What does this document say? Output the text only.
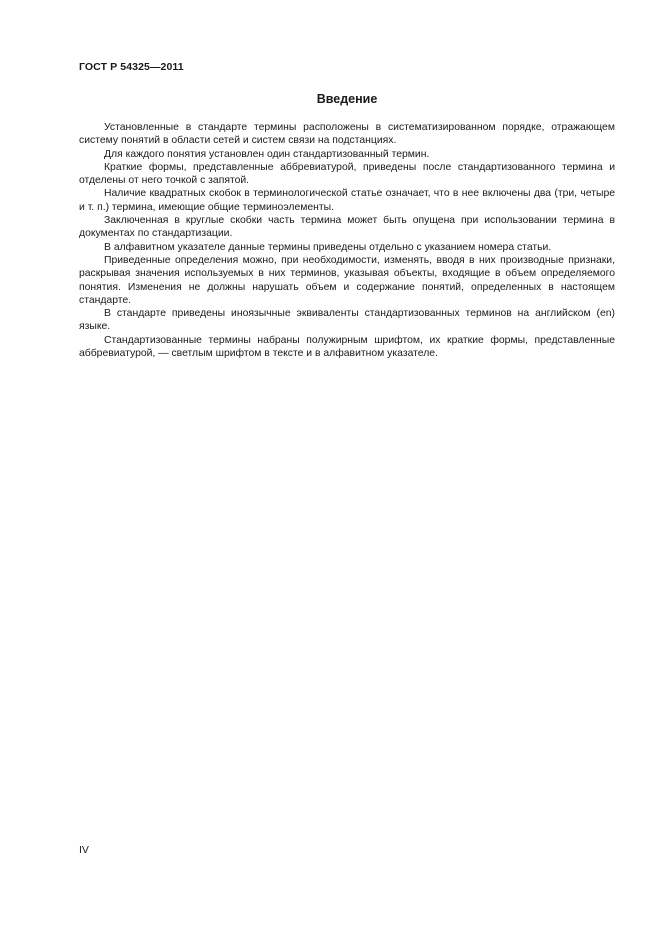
ГОСТ Р 54325—2011
Введение

Установленные в стандарте термины расположены в систематизированном порядке, отражающем систему понятий в области сетей и систем связи на подстанциях.

Для каждого понятия установлен один стандартизованный термин.

Краткие формы, представленные аббревиатурой, приведены после стандартизованного термина и отделены от него точкой с запятой.

Наличие квадратных скобок в терминологической статье означает, что в нее включены два (три, четыре и т. п.) термина, имеющие общие терминоэлементы.

Заключенная в круглые скобки часть термина может быть опущена при использовании термина в документах по стандартизации.

В алфавитном указателе данные термины приведены отдельно с указанием номера статьи.

Приведенные определения можно, при необходимости, изменять, вводя в них производные признаки, раскрывая значения используемых в них терминов, указывая объекты, входящие в объем определяемого понятия. Изменения не должны нарушать объем и содержание понятий, определенных в настоящем стандарте.

В стандарте приведены иноязычные эквиваленты стандартизованных терминов на английском (en) языке.

Стандартизованные термины набраны полужирным шрифтом, их краткие формы, представленные аббревиатурой, — светлым шрифтом в тексте и в алфавитном указателе.

IV
